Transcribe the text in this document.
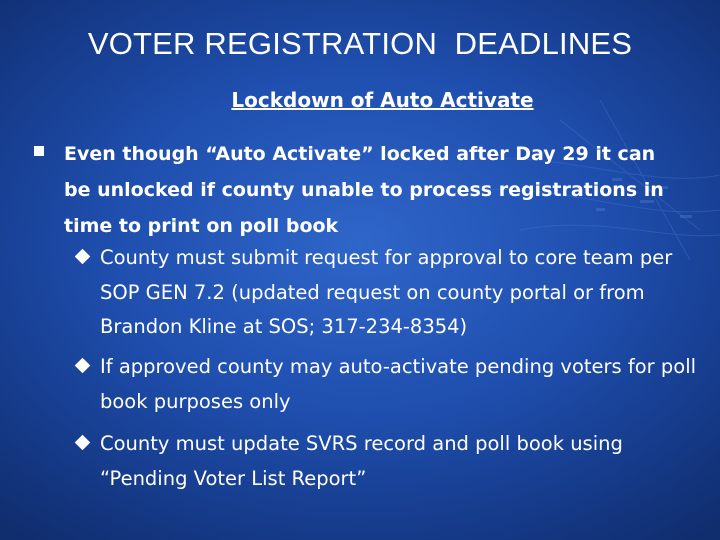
VOTER REGISTRATION  DEADLINES
Lockdown of Auto Activate

Even though “Auto Activate” locked after Day 29 it can be unlocked if county unable to process registrations in time to print on poll book

County must submit request for approval to core team per SOP GEN 7.2 (updated request on county portal or from Brandon Kline at SOS; 317-234-8354)

If approved county may auto-activate pending voters for poll book purposes only

County must update SVRS record and poll book using “Pending Voter List Report”
